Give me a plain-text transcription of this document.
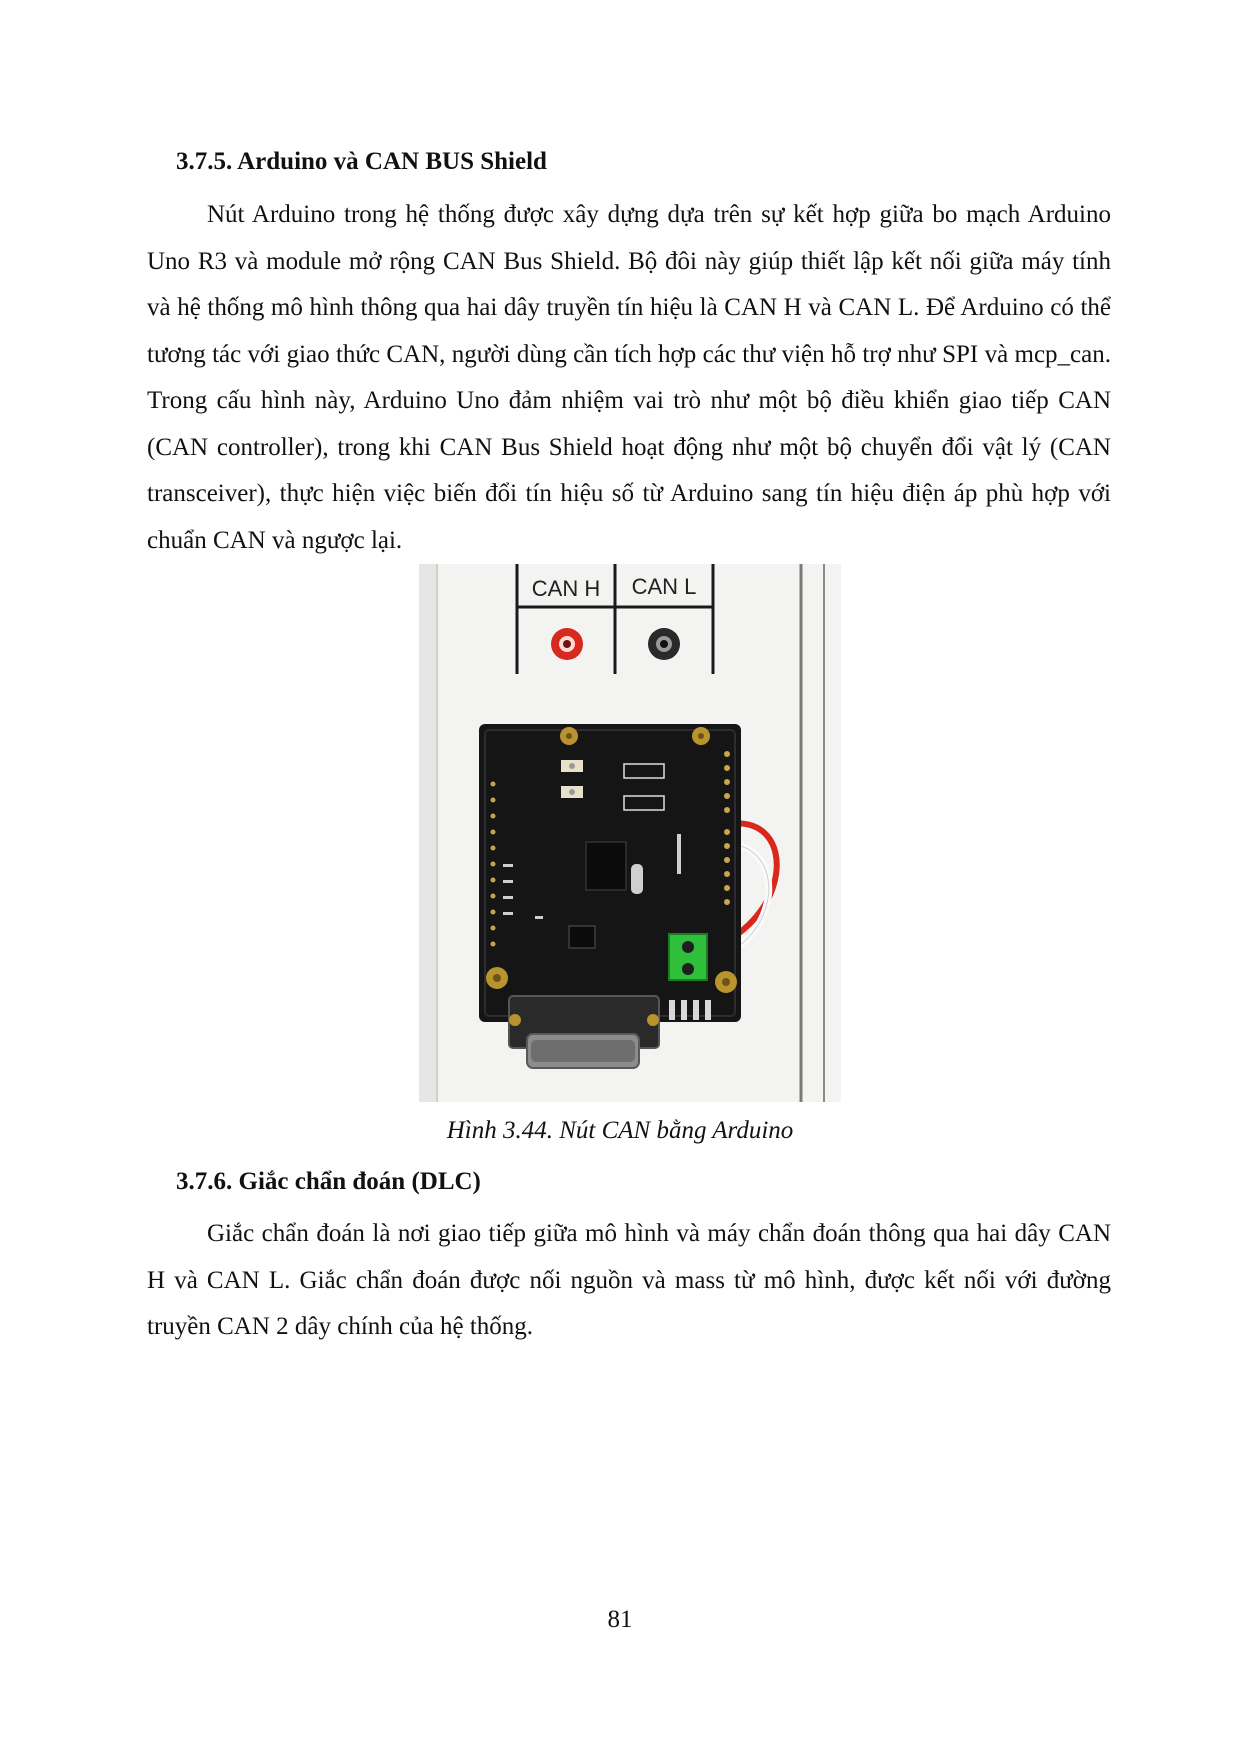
3.7.5. Arduino và CAN BUS Shield

Nút Arduino trong hệ thống được xây dựng dựa trên sự kết hợp giữa bo mạch Arduino Uno R3 và module mở rộng CAN Bus Shield. Bộ đôi này giúp thiết lập kết nối giữa máy tính và hệ thống mô hình thông qua hai dây truyền tín hiệu là CAN H và CAN L. Để Arduino có thể tương tác với giao thức CAN, người dùng cần tích hợp các thư viện hỗ trợ như SPI và mcp_can. Trong cấu hình này, Arduino Uno đảm nhiệm vai trò như một bộ điều khiển giao tiếp CAN (CAN controller), trong khi CAN Bus Shield hoạt động như một bộ chuyển đổi vật lý (CAN transceiver), thực hiện việc biến đổi tín hiệu số từ Arduino sang tín hiệu điện áp phù hợp với chuẩn CAN và ngược lại.

CAN H CAN L

Hình 3.44. Nút CAN bằng Arduino

3.7.6. Giắc chẩn đoán (DLC)

Giắc chẩn đoán là nơi giao tiếp giữa mô hình và máy chẩn đoán thông qua hai dây CAN H và CAN L. Giắc chẩn đoán được nối nguồn và mass từ mô hình, được kết nối với đường truyền CAN 2 dây chính của hệ thống.

81
